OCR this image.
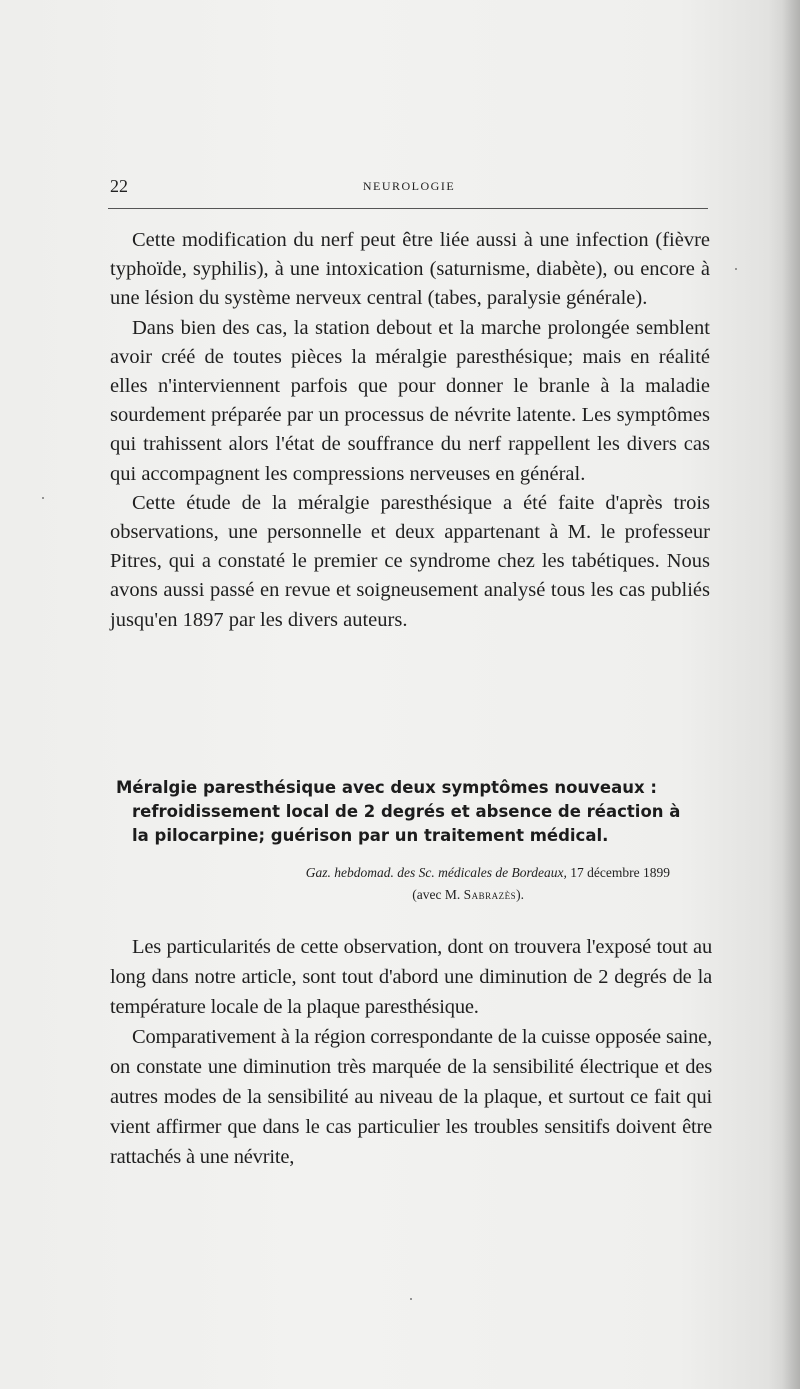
22	NEUROLOGIE

Cette modification du nerf peut être liée aussi à une infection (fièvre typhoïde, syphilis), à une intoxication (saturnisme, diabète), ou encore à une lésion du système nerveux central (tabes, paralysie générale).

Dans bien des cas, la station debout et la marche prolongée semblent avoir créé de toutes pièces la méralgie paresthésique; mais en réalité elles n'interviennent parfois que pour donner le branle à la maladie sourdement préparée par un processus de névrite latente. Les symptômes qui trahissent alors l'état de souffrance du nerf rappellent les divers cas qui accompagnent les compressions nerveuses en général.

Cette étude de la méralgie paresthésique a été faite d'après trois observations, une personnelle et deux appartenant à M. le professeur Pitres, qui a constaté le premier ce syndrome chez les tabétiques. Nous avons aussi passé en revue et soigneusement analysé tous les cas publiés jusqu'en 1897 par les divers auteurs.

Méralgie paresthésique avec deux symptômes nouveaux :
refroidissement local de 2 degrés et absence de réaction à
la pilocarpine; guérison par un traitement médical.
Gaz. hebdomad. des Sc. médicales de Bordeaux, 17 décembre 1899
(avec M. Sabrazès).

Les particularités de cette observation, dont on trouvera l'exposé tout au long dans notre article, sont tout d'abord une diminution de 2 degrés de la température locale de la plaque paresthésique.

Comparativement à la région correspondante de la cuisse opposée saine, on constate une diminution très marquée de la sensibilité électrique et des autres modes de la sensibilité au niveau de la plaque, et surtout ce fait qui vient affirmer que dans le cas particulier les troubles sensitifs doivent être rattachés à une névrite,
